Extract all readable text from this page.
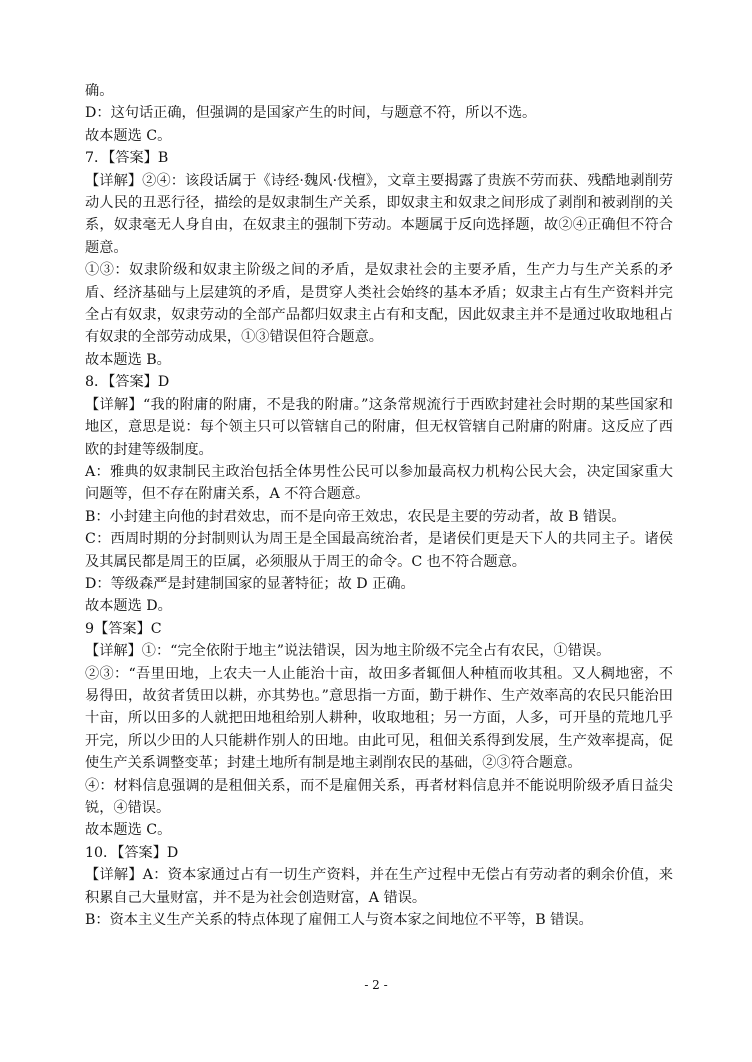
确。

D：这句话正确，但强调的是国家产生的时间，与题意不符，所以不选。

故本题选 C。

7．【答案】B

【详解】②④：该段话属于《诗经·魏风·伐檀》，文章主要揭露了贵族不劳而获、残酷地剥削劳动人民的丑恶行径，描绘的是奴隶制生产关系，即奴隶主和奴隶之间形成了剥削和被剥削的关系，奴隶毫无人身自由，在奴隶主的强制下劳动。本题属于反向选择题，故②④正确但不符合题意。

①③：奴隶阶级和奴隶主阶级之间的矛盾，是奴隶社会的主要矛盾，生产力与生产关系的矛盾、经济基础与上层建筑的矛盾，是贯穿人类社会始终的基本矛盾；奴隶主占有生产资料并完全占有奴隶，奴隶劳动的全部产品都归奴隶主占有和支配，因此奴隶主并不是通过收取地租占有奴隶的全部劳动成果，①③错误但符合题意。

故本题选 B。

8．【答案】D

【详解】“我的附庸的附庸，不是我的附庸。”这条常规流行于西欧封建社会时期的某些国家和地区，意思是说：每个领主只可以管辖自己的附庸，但无权管辖自己附庸的附庸。这反应了西欧的封建等级制度。

A：雅典的奴隶制民主政治包括全体男性公民可以参加最高权力机构公民大会，决定国家重大问题等，但不存在附庸关系，A 不符合题意。

B：小封建主向他的封君效忠，而不是向帝王效忠，农民是主要的劳动者，故 B 错误。

C：西周时期的分封制则认为周王是全国最高统治者，是诸侯们更是天下人的共同主子。诸侯及其属民都是周王的臣属，必须服从于周王的命令。C 也不符合题意。

D：等级森严是封建制国家的显著特征；故 D 正确。

故本题选 D。

9【答案】C

【详解】①：“完全依附于地主”说法错误，因为地主阶级不完全占有农民，①错误。

②③：“吾里田地，上农夫一人止能治十亩，故田多者辄佃人种植而收其租。又人稠地密，不易得田，故贫者赁田以耕，亦其势也。”意思指一方面，勤于耕作、生产效率高的农民只能治田十亩，所以田多的人就把田地租给别人耕种，收取地租；另一方面，人多，可开垦的荒地几乎开完，所以少田的人只能耕作别人的田地。由此可见，租佃关系得到发展，生产效率提高，促使生产关系调整变革；封建土地所有制是地主剥削农民的基础，②③符合题意。

④：材料信息强调的是租佃关系，而不是雇佣关系，再者材料信息并不能说明阶级矛盾日益尖锐，④错误。

故本题选 C。

10．【答案】D

【详解】A：资本家通过占有一切生产资料，并在生产过程中无偿占有劳动者的剩余价值，来积累自己大量财富，并不是为社会创造财富，A 错误。

B：资本主义生产关系的特点体现了雇佣工人与资本家之间地位不平等，B 错误。

- 2 -
